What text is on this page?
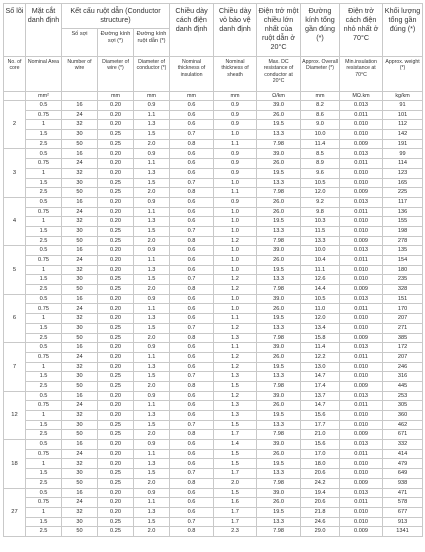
Số lõi	Mặt cắt danh định	Kết cấu ruột dẫn (Conductor structure)			Chiều dày cách điện danh định	Chiều dày vỏ bảo vệ danh định	Điện trở một chiều lớn nhất của ruột dẫn ở 20°C	Đường kính tổng gần đúng (*)	Điện trở cách điện nhỏ nhất ở 70°C	Khối lượng tổng gần đúng (*)
		Số sợi	Đường kính sợi (*)	Đường kính ruột dẫn (*)						
No. of core	Nominal Area	Number of wire	Diameter of wire (*)	Diameter of conductor (*)	Nominal thickness of insulation	Nominal thickness of sheath	Max. DC resistance of conductor at 20°C	Approx. Overall Diameter (*)	Min.insulation resistance at 70°C	Approx. weight (*)
	mm²		mm	mm	mm	mm	Ω/km	mm	MΩ.km	kg/km
2	0.5	16	0.20	0.9	0.6	0.9	39.0	8.2	0.013	91
	0.75	24	0.20	1.1	0.6	0.9	26.0	8.6	0.011	101
	1	32	0.20	1.3	0.6	0.9	19.5	9.0	0.010	112
	1.5	30	0.25	1.5	0.7	1.0	13.3	10.0	0.010	142
	2.5	50	0.25	2.0	0.8	1.1	7.98	11.4	0.009	191
3	0.5	16	0.20	0.9	0.6	0.9	39.0	8.5	0.013	99
	0.75	24	0.20	1.1	0.6	0.9	26.0	8.9	0.011	114
	1	32	0.20	1.3	0.6	0.9	19.5	9.6	0.010	123
	1.5	30	0.25	1.5	0.7	1.0	13.3	10.5	0.010	165
	2.5	50	0.25	2.0	0.8	1.1	7.98	12.0	0.009	225
4	0.5	16	0.20	0.9	0.6	0.9	26.0	9.2	0.013	117
	0.75	24	0.20	1.1	0.6	1.0	26.0	9.8	0.011	136
	1	32	0.20	1.3	0.6	1.0	19.5	10.3	0.010	155
	1.5	30	0.25	1.5	0.7	1.0	13.3	11.5	0.010	198
	2.5	50	0.25	2.0	0.8	1.2	7.98	13.3	0.009	278
5	0.5	16	0.20	0.9	0.6	1.0	39.0	10.0	0.013	135
	0.75	24	0.20	1.1	0.6	1.0	26.0	10.4	0.011	154
	1	32	0.20	1.3	0.6	1.0	19.5	11.1	0.010	180
	1.5	30	0.25	1.5	0.7	1.2	13.3	12.6	0.010	235
	2.5	50	0.25	2.0	0.8	1.2	7.98	14.4	0.009	328
6	0.5	16	0.20	0.9	0.6	1.0	39.0	10.5	0.013	151
	0.75	24	0.20	1.1	0.6	1.0	26.0	11.0	0.011	170
	1	32	0.20	1.3	0.6	1.1	19.5	12.0	0.010	207
	1.5	30	0.25	1.5	0.7	1.2	13.3	13.4	0.010	271
	2.5	50	0.25	2.0	0.8	1.3	7.98	15.8	0.009	385
7	0.5	16	0.20	0.9	0.6	1.1	39.0	11.4	0.013	172
	0.75	24	0.20	1.1	0.6	1.2	26.0	12.2	0.011	207
	1	32	0.20	1.3	0.6	1.2	19.5	13.0	0.010	246
	1.5	30	0.25	1.5	0.7	1.3	13.3	14.7	0.010	316
	2.5	50	0.25	2.0	0.8	1.5	7.98	17.4	0.009	445
12	0.5	16	0.20	0.9	0.6	1.2	39.0	13.7	0.013	253
	0.75	24	0.20	1.1	0.6	1.3	26.0	14.7	0.011	305
	1	32	0.20	1.3	0.6	1.3	19.5	15.6	0.010	360
	1.5	30	0.25	1.5	0.7	1.5	13.3	17.7	0.010	462
	2.5	50	0.25	2.0	0.8	1.7	7.98	21.0	0.009	671
18	0.5	16	0.20	0.9	0.6	1.4	39.0	15.6	0.013	332
	0.75	24	0.20	1.1	0.6	1.5	26.0	17.0	0.011	414
	1	32	0.20	1.3	0.6	1.5	19.5	18.0	0.010	479
	1.5	30	0.25	1.5	0.7	1.7	13.3	20.6	0.010	649
	2.5	50	0.25	2.0	0.8	2.0	7.98	24.2	0.009	938
27	0.5	16	0.20	0.9	0.6	1.5	39.0	19.4	0.013	471
	0.75	24	0.20	1.1	0.6	1.6	26.0	20.6	0.011	578
	1	32	0.20	1.3	0.6	1.7	19.5	21.8	0.010	677
	1.5	30	0.25	1.5	0.7	1.7	13.3	24.6	0.010	913
	2.5	50	0.25	2.0	0.8	2.3	7.98	29.0	0.009	1341
